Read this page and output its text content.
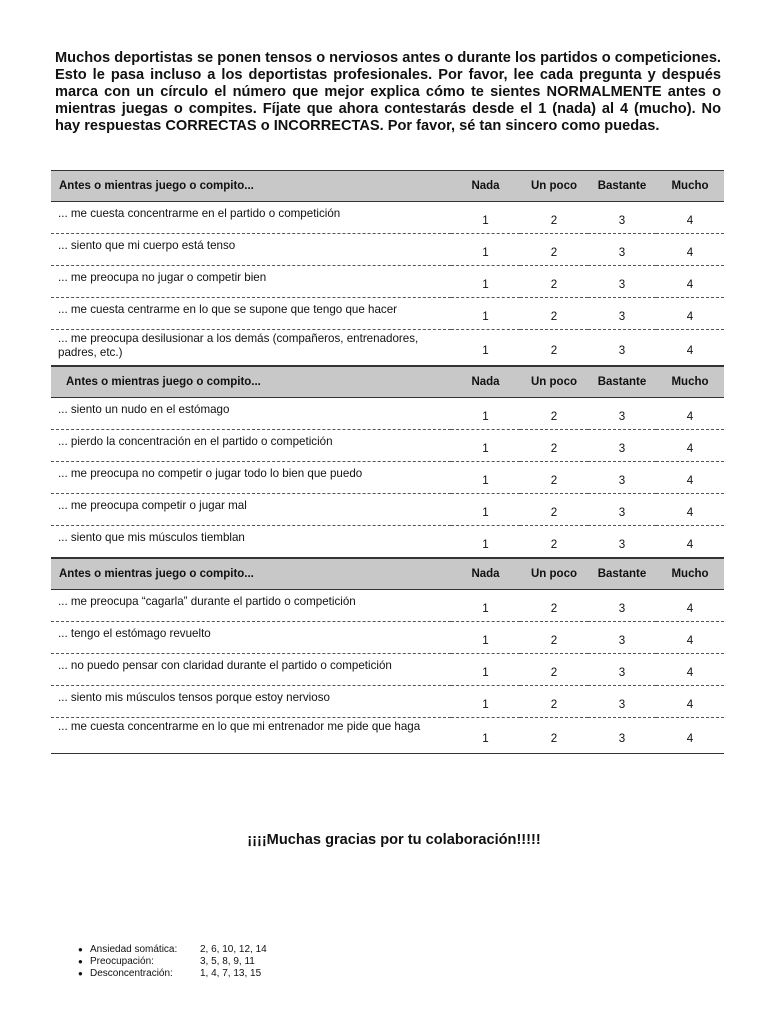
Muchos deportistas se ponen tensos o nerviosos antes o durante los partidos o competiciones. Esto le pasa incluso a los deportistas profesionales. Por favor, lee cada pregunta y después marca con un círculo el número que mejor explica cómo te sientes NORMALMENTE antes o mientras juegas o compites. Fíjate que ahora contestarás desde el 1 (nada) al 4 (mucho). No hay respuestas CORRECTAS o INCORRECTAS. Por favor, sé tan sincero como puedas.

Antes o mientras juego o compito...	Nada	Un poco	Bastante	Mucho
... me cuesta concentrarme en el partido o competición	1	2	3	4
... siento que mi cuerpo está tenso	1	2	3	4
... me preocupa no jugar o competir bien	1	2	3	4
... me cuesta centrarme en lo que se supone que tengo que hacer	1	2	3	4
... me preocupa desilusionar a los demás (compañeros, entrenadores, padres, etc.)	1	2	3	4
Antes o mientras juego o compito...	Nada	Un poco	Bastante	Mucho
... siento un nudo en el estómago	1	2	3	4
... pierdo la concentración en el partido o competición	1	2	3	4
... me preocupa no competir o jugar todo lo bien que puedo	1	2	3	4
... me preocupa competir o jugar mal	1	2	3	4
... siento que mis músculos tiemblan	1	2	3	4
Antes o mientras juego o compito...	Nada	Un poco	Bastante	Mucho
... me preocupa “cagarla” durante el partido o competición	1	2	3	4
... tengo el estómago revuelto	1	2	3	4
... no puedo pensar con claridad durante el partido o competición	1	2	3	4
... siento mis músculos tensos porque estoy nervioso	1	2	3	4
... me cuesta concentrarme en lo que mi entrenador me pide que haga	1	2	3	4

¡¡¡¡Muchas gracias por tu colaboración!!!!!

● Ansiedad somática:	2, 6, 10, 12, 14
● Preocupación:	3, 5, 8, 9, 11
● Desconcentración:	1, 4, 7, 13, 15
